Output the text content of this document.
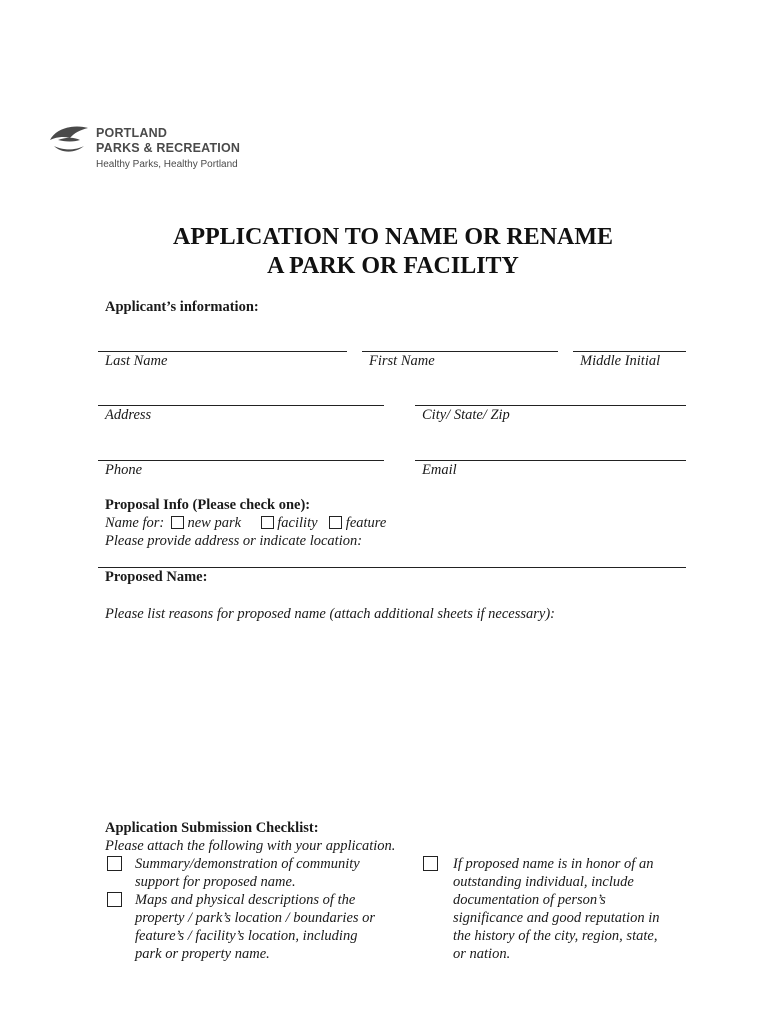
PORTLAND
PARKS & RECREATION
Healthy Parks, Healthy Portland
APPLICATION TO NAME OR RENAME
A PARK OR FACILITY
Applicant’s information:
Last Name	First Name	Middle Initial
Address	City/ State/ Zip
Phone	Email
Proposal Info (Please check one):
Name for: new park	facility feature
Please provide address or indicate location:
Proposed Name:
Please list reasons for proposed name (attach additional sheets if necessary):
Application Submission Checklist:
Please attach the following with your application.
Summary/demonstration of community
support for proposed name.
Maps and physical descriptions of the
property / park’s location / boundaries or
feature’s / facility’s location, including
park or property name.
If proposed name is in honor of an
outstanding individual, include
documentation of person’s
significance and good reputation in
the history of the city, region, state,
or nation.
